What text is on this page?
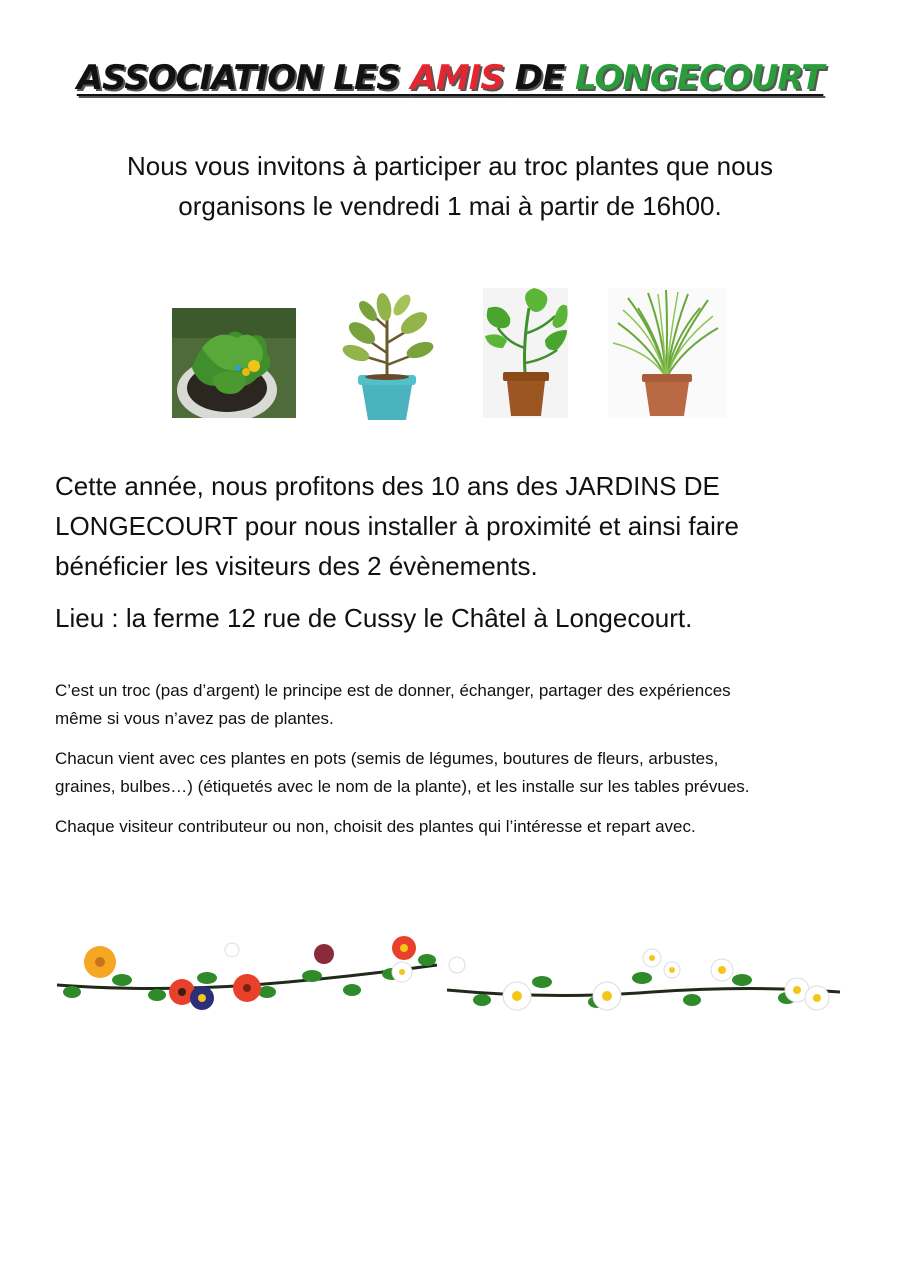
ASSOCIATION LES AMIS DE LONGECOURT
Nous vous invitons à participer au troc plantes que nous
organisons le vendredi 1 mai à partir de 16h00.

Cette année, nous profitons des 10 ans des JARDINS DE
LONGECOURT pour nous installer à proximité et ainsi faire
bénéficier les visiteurs des 2 évènements.

Lieu : la ferme 12 rue de Cussy le Châtel à Longecourt.

C’est un troc (pas d’argent) le principe est de donner, échanger, partager des expériences
même si vous n’avez pas de plantes.

Chacun vient avec ces plantes en pots (semis de légumes, boutures de fleurs, arbustes,
graines, bulbes…) (étiquetés avec le nom de la plante), et les installe sur les tables prévues.

Chaque visiteur contributeur ou non, choisit des plantes qui l’intéresse et repart avec.
